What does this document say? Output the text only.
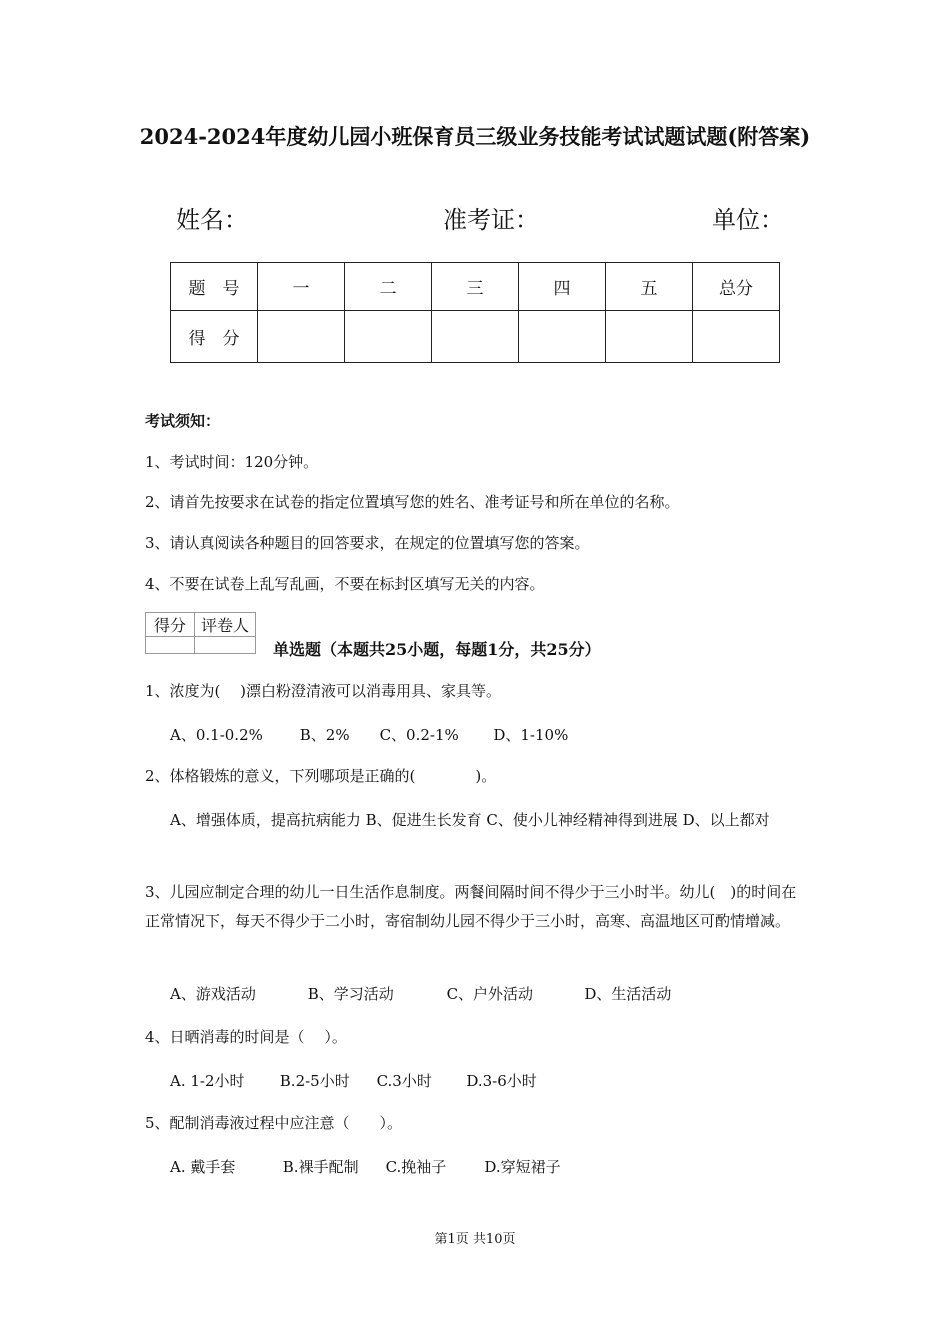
2024-2024年度幼儿园小班保育员三级业务技能考试试题试题(附答案)
姓名：	准考证：	单位：
题　号	一	二	三	四	五	总分
得　分						
考试须知：
1、考试时间：120分钟。
2、请首先按要求在试卷的指定位置填写您的姓名、准考证号和所在单位的名称。
3、请认真阅读各种题目的回答要求，在规定的位置填写您的答案。
4、不要在试卷上乱写乱画，不要在标封区填写无关的内容。
得分	评卷人

单选题（本题共25小题，每题1分，共25分）
1、浓度为(　 )漂白粉澄清液可以消毒用具、家具等。
A、0.1-0.2% B、2% C、0.2-1% D、1-10%
2、体格锻炼的意义，下列哪项是正确的(　　　　)。
A、增强体质，提高抗病能力 B、促进生长发育 C、使小儿神经精神得到进展 D、以上都对
3、儿园应制定合理的幼儿一日生活作息制度。两餐间隔时间不得少于三小时半。幼儿(　)的时间在正常情况下，每天不得少于二小时，寄宿制幼儿园不得少于三小时，高寒、高温地区可酌情增减。
A、游戏活动	B、学习活动	C、户外活动	D、生活活动
4、日晒消毒的时间是（　 ）。
A. 1-2小时 B.2-5小时 C.3小时 D.3-6小时
5、配制消毒液过程中应注意（　　）。
A. 戴手套	B.裸手配制 C.挽袖子	D.穿短裙子
第1页 共10页
